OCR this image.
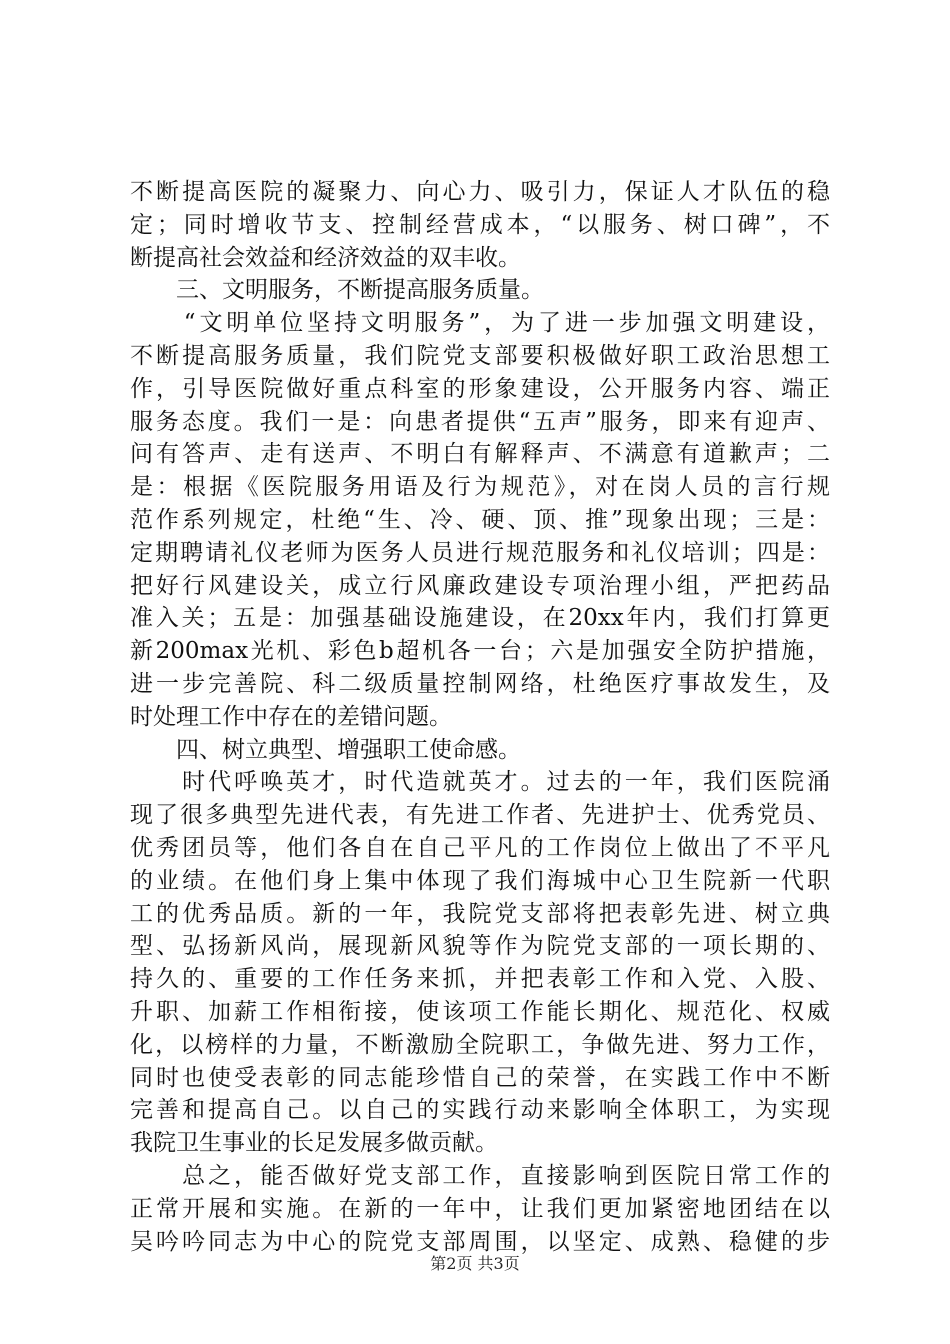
不断提高医院的凝聚力、向心力、吸引力，保证人才队伍的稳
定；同时增收节支、控制经营成本，“以服务、树口碑”，不
断提高社会效益和经济效益的双丰收。
　　三、文明服务，不断提高服务质量。
　　“文明单位坚持文明服务”，为了进一步加强文明建设，
不断提高服务质量，我们院党支部要积极做好职工政治思想工
作，引导医院做好重点科室的形象建设，公开服务内容、端正
服务态度。我们一是：向患者提供“五声”服务，即来有迎声、
问有答声、走有送声、不明白有解释声、不满意有道歉声；二
是：根据《医院服务用语及行为规范》，对在岗人员的言行规
范作系列规定，杜绝“生、冷、硬、顶、推”现象出现；三是：
定期聘请礼仪老师为医务人员进行规范服务和礼仪培训；四是：
把好行风建设关，成立行风廉政建设专项治理小组，严把药品
准入关；五是：加强基础设施建设，在20xx年内，我们打算更
新200max光机、彩色b超机各一台；六是加强安全防护措施，
进一步完善院、科二级质量控制网络，杜绝医疗事故发生，及
时处理工作中存在的差错问题。
　　四、树立典型、增强职工使命感。
　　时代呼唤英才，时代造就英才。过去的一年，我们医院涌
现了很多典型先进代表，有先进工作者、先进护士、优秀党员、
优秀团员等，他们各自在自己平凡的工作岗位上做出了不平凡
的业绩。在他们身上集中体现了我们海城中心卫生院新一代职
工的优秀品质。新的一年，我院党支部将把表彰先进、树立典
型、弘扬新风尚，展现新风貌等作为院党支部的一项长期的、
持久的、重要的工作任务来抓，并把表彰工作和入党、入股、
升职、加薪工作相衔接，使该项工作能长期化、规范化、权威
化，以榜样的力量，不断激励全院职工，争做先进、努力工作，
同时也使受表彰的同志能珍惜自己的荣誉，在实践工作中不断
完善和提高自己。以自己的实践行动来影响全体职工，为实现
我院卫生事业的长足发展多做贡献。
　　总之，能否做好党支部工作，直接影响到医院日常工作的
正常开展和实施。在新的一年中，让我们更加紧密地团结在以
吴吟吟同志为中心的院党支部周围，以坚定、成熟、稳健的步
第2页 共3页
